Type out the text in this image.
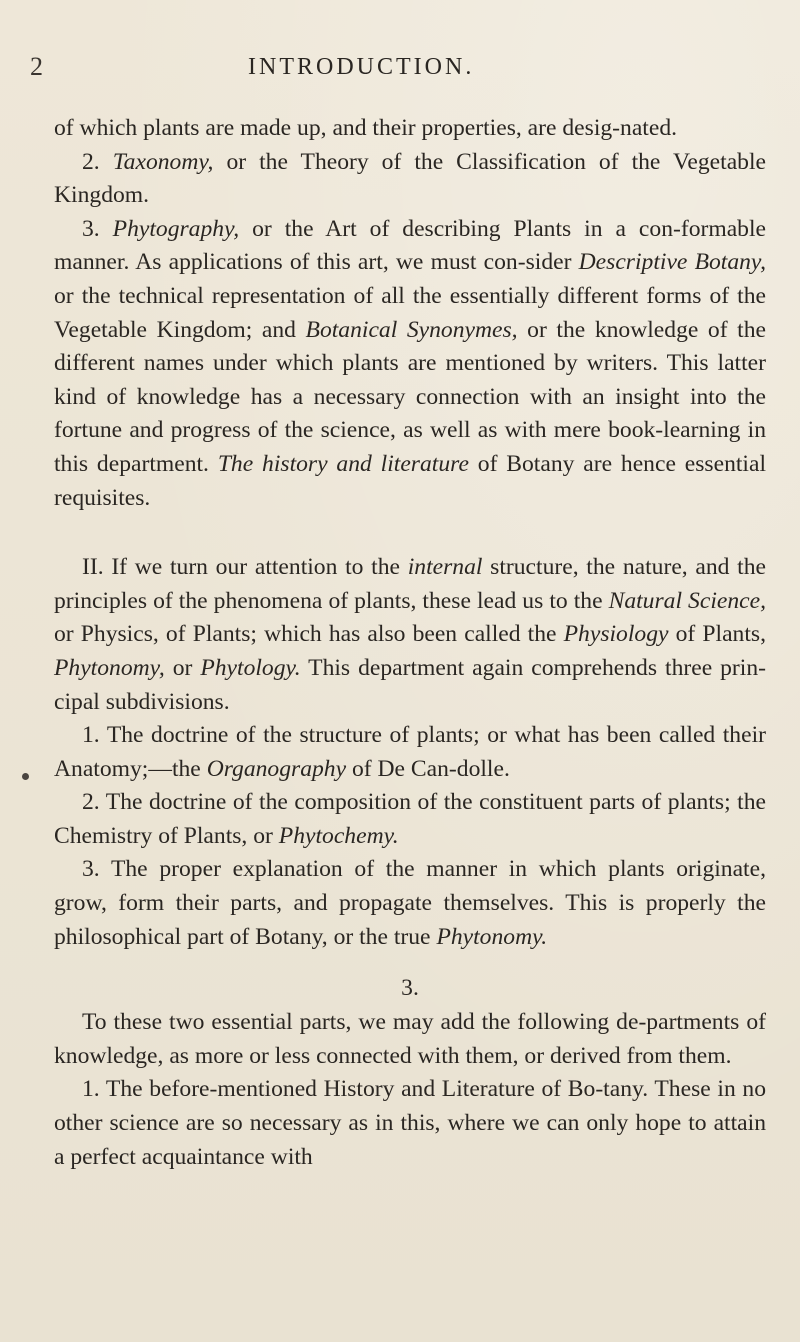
2	INTRODUCTION.

of which plants are made up, and their properties, are desig-nated.

2. Taxonomy, or the Theory of the Classification of the Vegetable Kingdom.

3. Phytography, or the Art of describing Plants in a con-formable manner. As applications of this art, we must con-sider Descriptive Botany, or the technical representation of all the essentially different forms of the Vegetable Kingdom; and Botanical Synonymes, or the knowledge of the different names under which plants are mentioned by writers. This latter kind of knowledge has a necessary connection with an insight into the fortune and progress of the science, as well as with mere book-learning in this department. The history and literature of Botany are hence essential requisites.

II. If we turn our attention to the internal structure, the nature, and the principles of the phenomena of plants, these lead us to the Natural Science, or Physics, of Plants; which has also been called the Physiology of Plants, Phytonomy, or Phytology. This department again comprehends three prin-cipal subdivisions.

1. The doctrine of the structure of plants; or what has been called their Anatomy;—the Organography of De Can-dolle.

2. The doctrine of the composition of the constituent parts of plants; the Chemistry of Plants, or Phytochemy.

3. The proper explanation of the manner in which plants originate, grow, form their parts, and propagate themselves. This is properly the philosophical part of Botany, or the true Phytonomy.

3.

To these two essential parts, we may add the following de-partments of knowledge, as more or less connected with them, or derived from them.

1. The before-mentioned History and Literature of Bo-tany. These in no other science are so necessary as in this, where we can only hope to attain a perfect acquaintance with
